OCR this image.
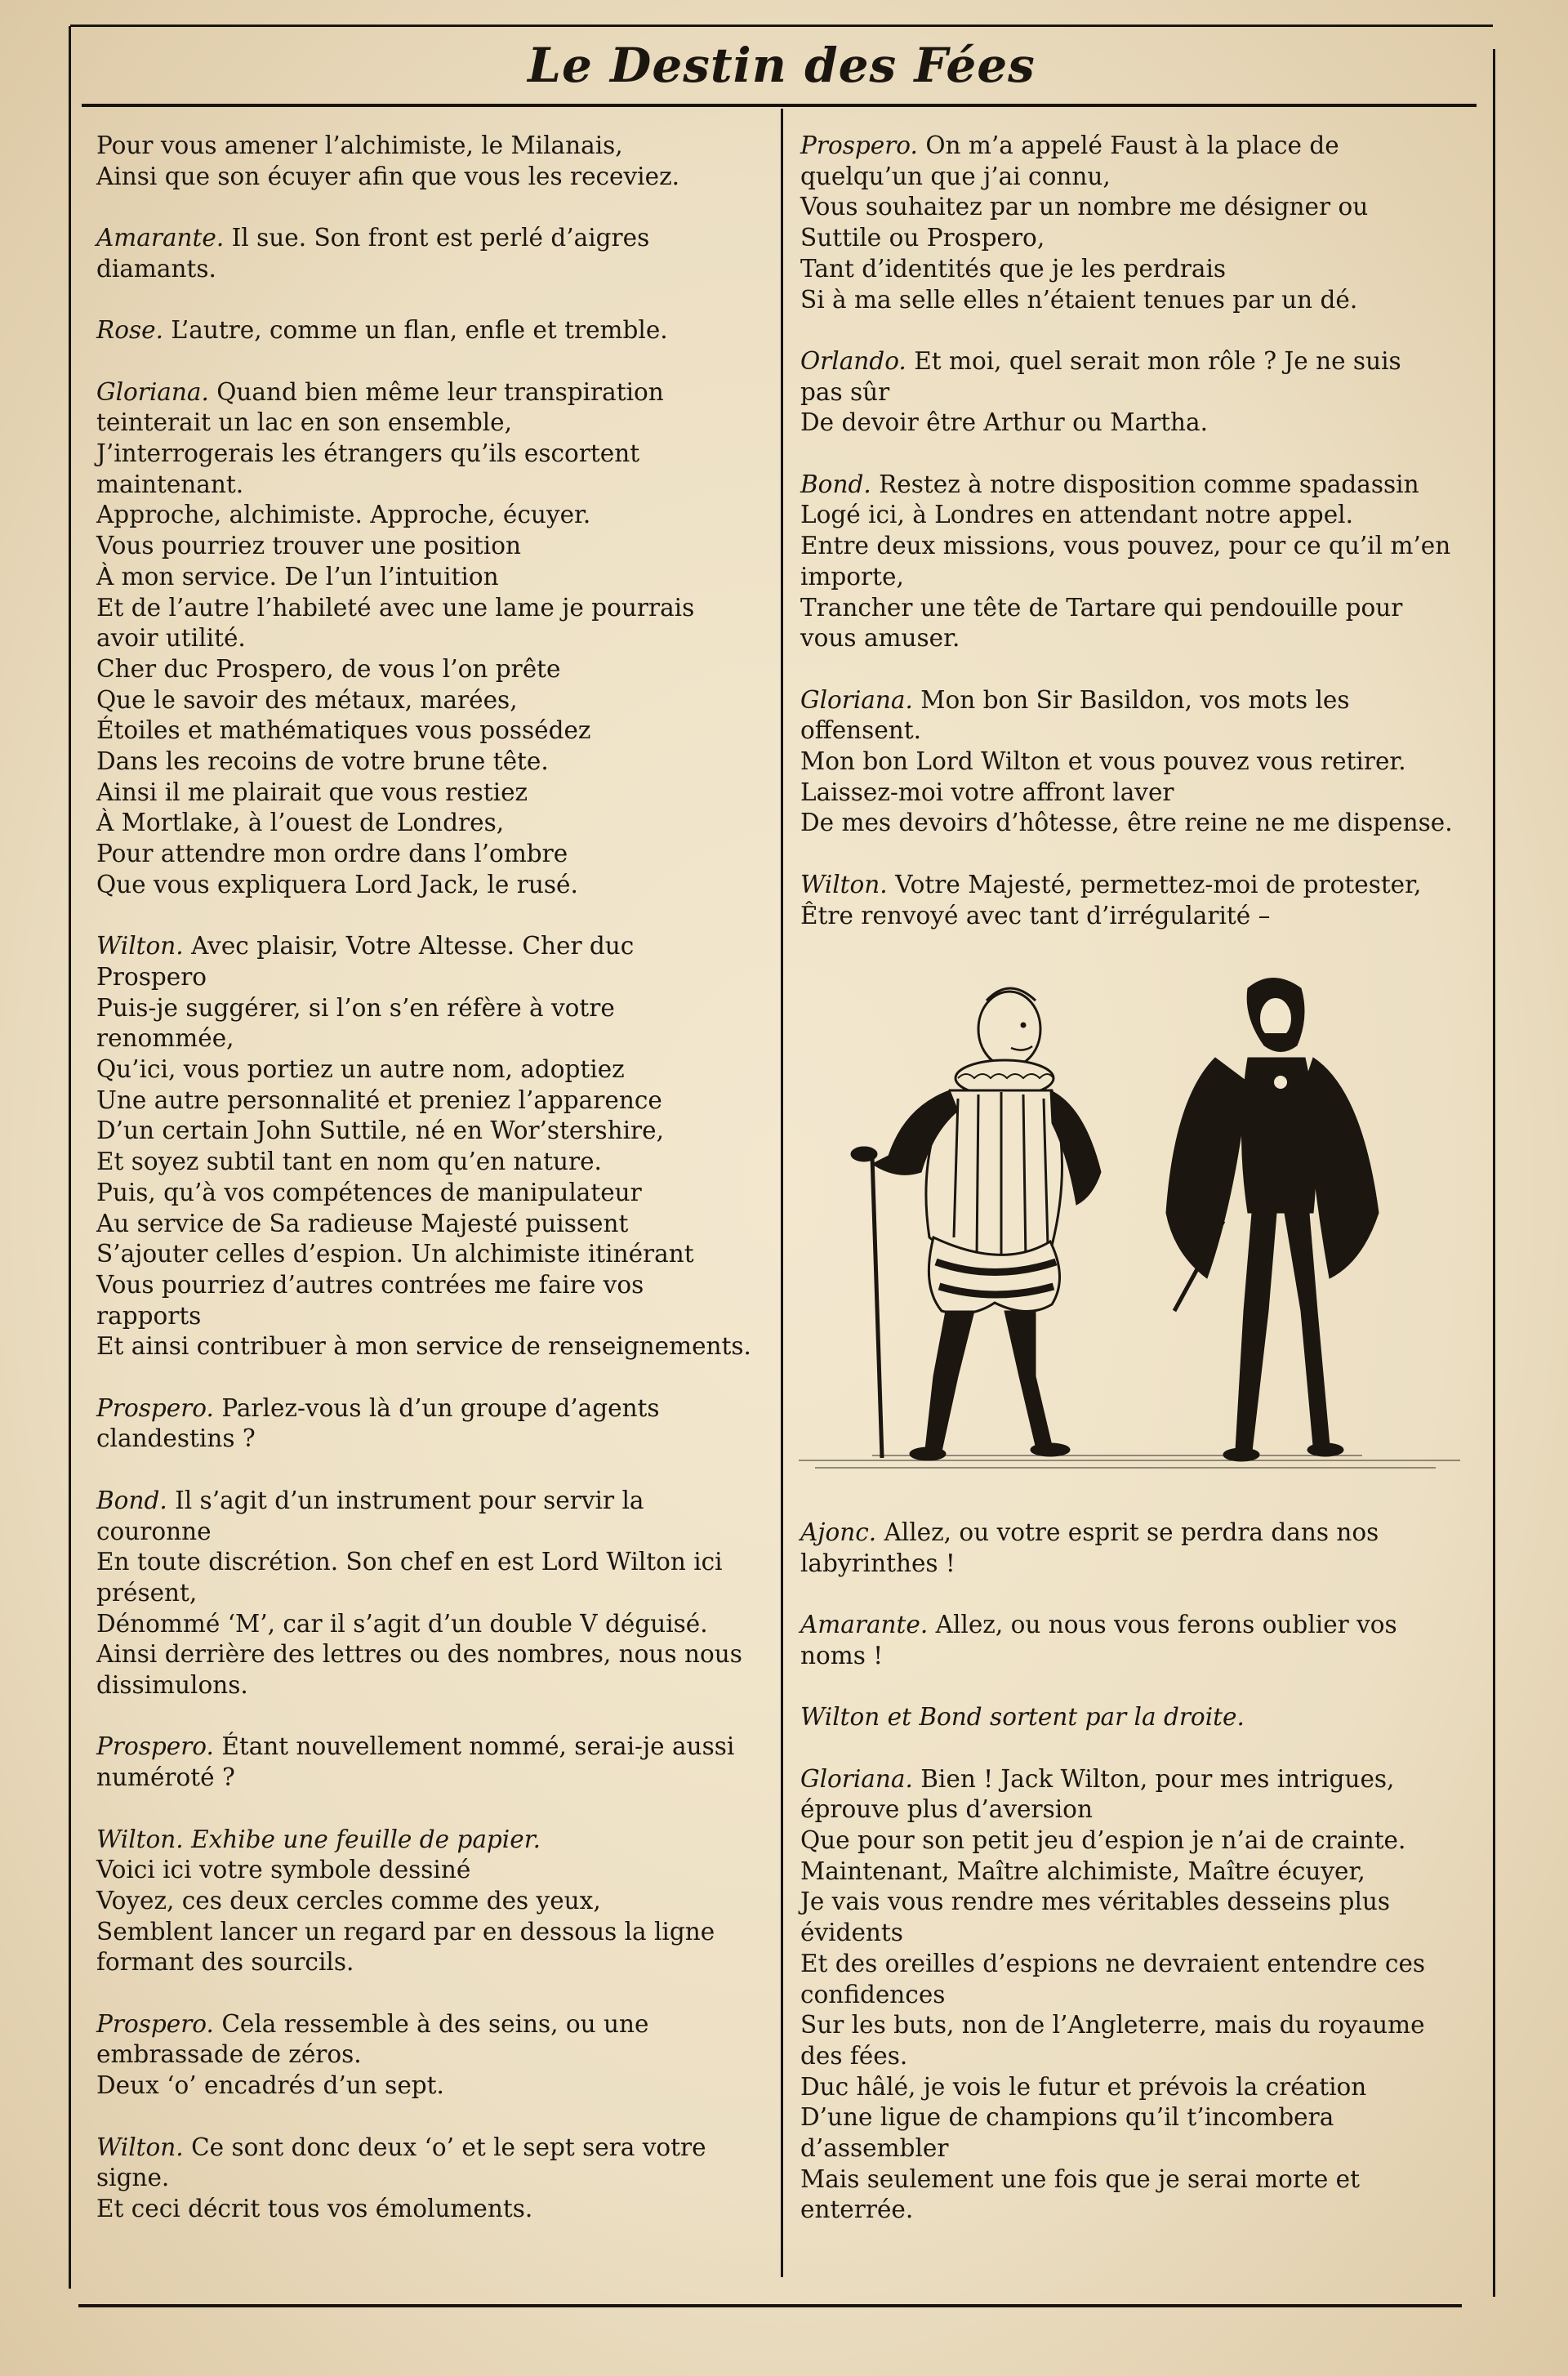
Le Destin des Fées

Pour vous amener l’alchimiste, le Milanais,

Ainsi que son écuyer afin que vous les receviez.

Amarante. Il sue. Son front est perlé d’aigres

diamants.

Rose. L’autre, comme un flan, enfle et tremble.

Gloriana. Quand bien même leur transpiration

teinterait un lac en son ensemble,

J’interrogerais les étrangers qu’ils escortent

maintenant.

Approche, alchimiste. Approche, écuyer.

Vous pourriez trouver une position

À mon service. De l’un l’intuition

Et de l’autre l’habileté avec une lame je pourrais

avoir utilité.

Cher duc Prospero, de vous l’on prête

Que le savoir des métaux, marées,

Étoiles et mathématiques vous possédez

Dans les recoins de votre brune tête.

Ainsi il me plairait que vous restiez

À Mortlake, à l’ouest de Londres,

Pour attendre mon ordre dans l’ombre

Que vous expliquera Lord Jack, le rusé.

Wilton. Avec plaisir, Votre Altesse. Cher duc

Prospero

Puis-je suggérer, si l’on s’en réfère à votre

renommée,

Qu’ici, vous portiez un autre nom, adoptiez

Une autre personnalité et preniez l’apparence

D’un certain John Suttile, né en Wor’stershire,

Et soyez subtil tant en nom qu’en nature.

Puis, qu’à vos compétences de manipulateur

Au service de Sa radieuse Majesté puissent

S’ajouter celles d’espion. Un alchimiste itinérant

Vous pourriez d’autres contrées me faire vos

rapports

Et ainsi contribuer à mon service de renseignements.

Prospero. Parlez-vous là d’un groupe d’agents

clandestins ?

Bond. Il s’agit d’un instrument pour servir la

couronne

En toute discrétion. Son chef en est Lord Wilton ici

présent,

Dénommé ‘M’, car il s’agit d’un double V déguisé.

Ainsi derrière des lettres ou des nombres, nous nous

dissimulons.

Prospero. Étant nouvellement nommé, serai-je aussi

numéroté ?

Wilton. Exhibe une feuille de papier.

Voici ici votre symbole dessiné

Voyez, ces deux cercles comme des yeux,

Semblent lancer un regard par en dessous la ligne

formant des sourcils.

Prospero. Cela ressemble à des seins, ou une

embrassade de zéros.

Deux ‘o’ encadrés d’un sept.

Wilton. Ce sont donc deux ‘o’ et le sept sera votre

signe.

Et ceci décrit tous vos émoluments.

Prospero. On m’a appelé Faust à la place de

quelqu’un que j’ai connu,

Vous souhaitez par un nombre me désigner ou

Suttile ou Prospero,

Tant d’identités que je les perdrais

Si à ma selle elles n’étaient tenues par un dé.

Orlando. Et moi, quel serait mon rôle ? Je ne suis

pas sûr

De devoir être Arthur ou Martha.

Bond. Restez à notre disposition comme spadassin

Logé ici, à Londres en attendant notre appel.

Entre deux missions, vous pouvez, pour ce qu’il m’en

importe,

Trancher une tête de Tartare qui pendouille pour

vous amuser.

Gloriana. Mon bon Sir Basildon, vos mots les

offensent.

Mon bon Lord Wilton et vous pouvez vous retirer.

Laissez-moi votre affront laver

De mes devoirs d’hôtesse, être reine ne me dispense.

Wilton. Votre Majesté, permettez-moi de protester,

Être renvoyé avec tant d’irrégularité –

Ajonc. Allez, ou votre esprit se perdra dans nos

labyrinthes !

Amarante. Allez, ou nous vous ferons oublier vos

noms !

Wilton et Bond sortent par la droite.

Gloriana. Bien ! Jack Wilton, pour mes intrigues,

éprouve plus d’aversion

Que pour son petit jeu d’espion je n’ai de crainte.

Maintenant, Maître alchimiste, Maître écuyer,

Je vais vous rendre mes véritables desseins plus

évidents

Et des oreilles d’espions ne devraient entendre ces

confidences

Sur les buts, non de l’Angleterre, mais du royaume

des fées.

Duc hâlé, je vois le futur et prévois la création

D’une ligue de champions qu’il t’incombera

d’assembler

Mais seulement une fois que je serai morte et

enterrée.
